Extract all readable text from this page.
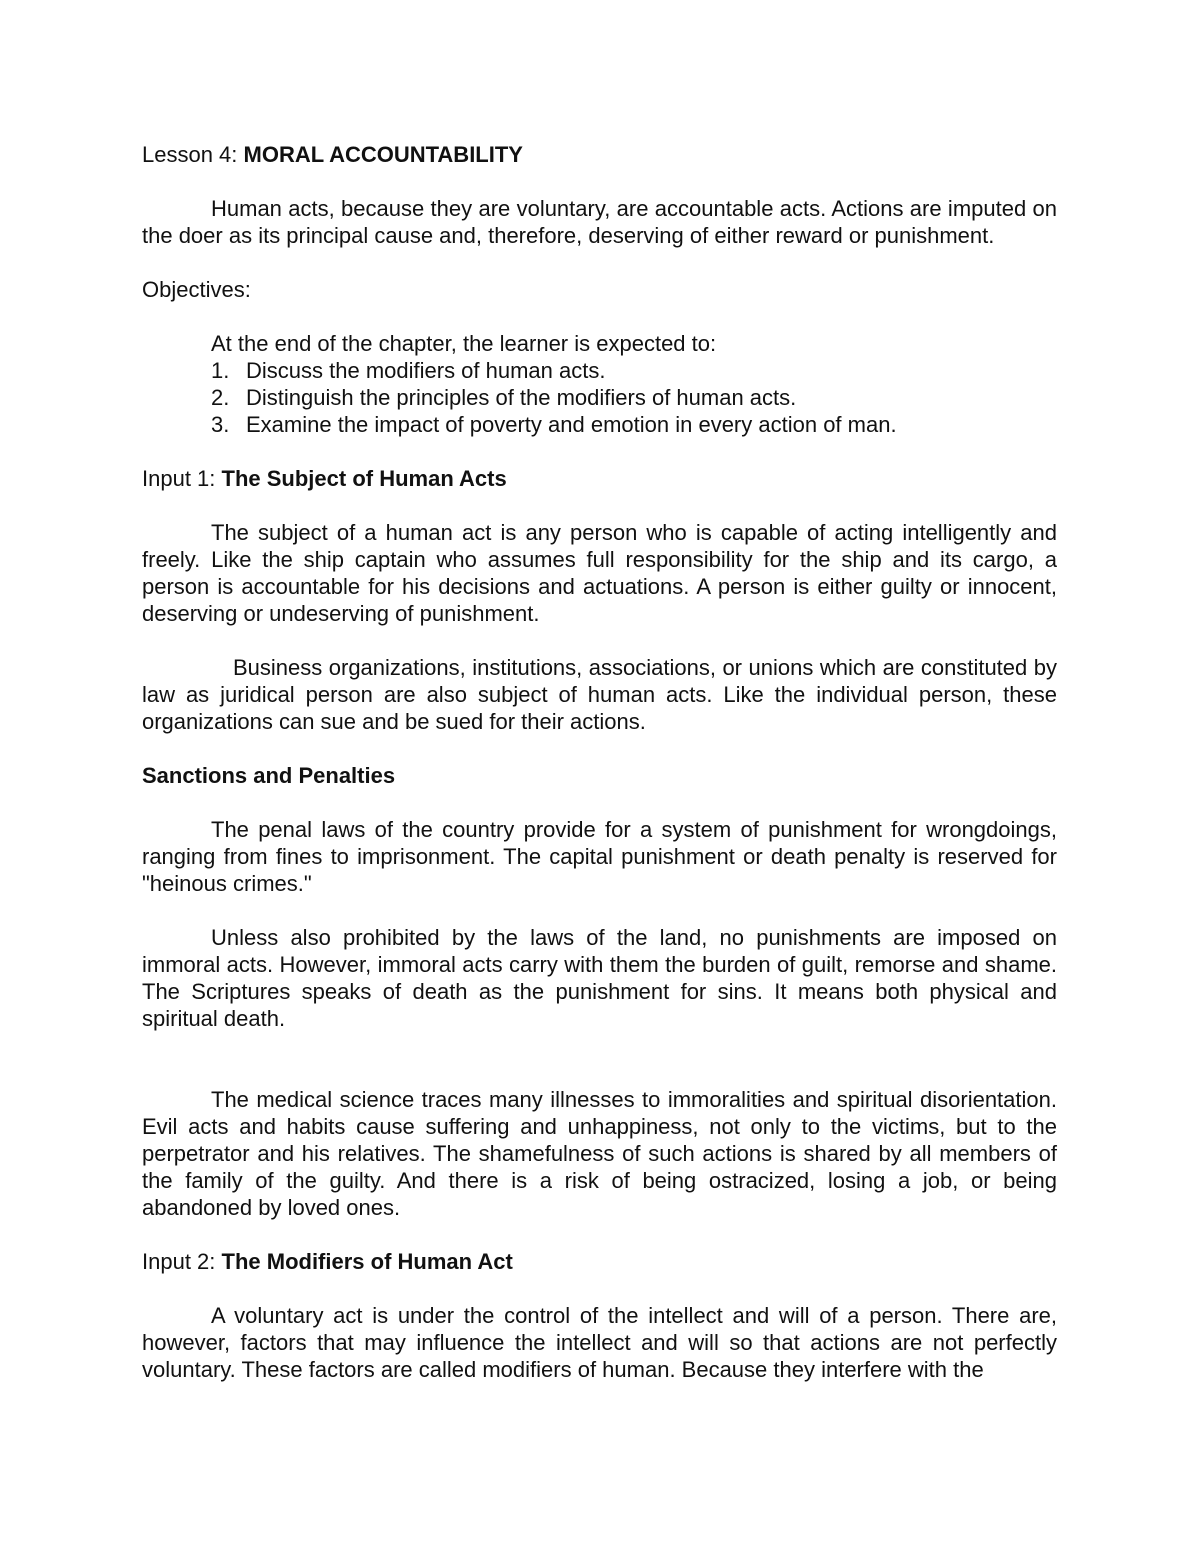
Lesson 4: MORAL ACCOUNTABILITY

Human acts, because they are voluntary, are accountable acts. Actions are imputed on the doer as its principal cause and, therefore, deserving of either reward or punishment.

Objectives:

At the end of the chapter, the learner is expected to:

1. Discuss the modifiers of human acts.
2. Distinguish the principles of the modifiers of human acts.
3. Examine the impact of poverty and emotion in every action of man.

Input 1: The Subject of Human Acts

The subject of a human act is any person who is capable of acting intelligently and freely. Like the ship captain who assumes full responsibility for the ship and its cargo, a person is accountable for his decisions and actuations. A person is either guilty or innocent, deserving or undeserving of punishment.

Business organizations, institutions, associations, or unions which are constituted by law as juridical person are also subject of human acts. Like the individual person, these organizations can sue and be sued for their actions.

Sanctions and Penalties

The penal laws of the country provide for a system of punishment for wrongdoings, ranging from fines to imprisonment. The capital punishment or death penalty is reserved for "heinous crimes."

Unless also prohibited by the laws of the land, no punishments are imposed on immoral acts. However, immoral acts carry with them the burden of guilt, remorse and shame. The Scriptures speaks of death as the punishment for sins. It means both physical and spiritual death.

The medical science traces many illnesses to immoralities and spiritual disorientation. Evil acts and habits cause suffering and unhappiness, not only to the victims, but to the perpetrator and his relatives. The shamefulness of such actions is shared by all members of the family of the guilty. And there is a risk of being ostracized, losing a job, or being abandoned by loved ones.

Input 2: The Modifiers of Human Act

A voluntary act is under the control of the intellect and will of a person. There are, however, factors that may influence the intellect and will so that actions are not perfectly voluntary. These factors are called modifiers of human. Because they interfere with the
